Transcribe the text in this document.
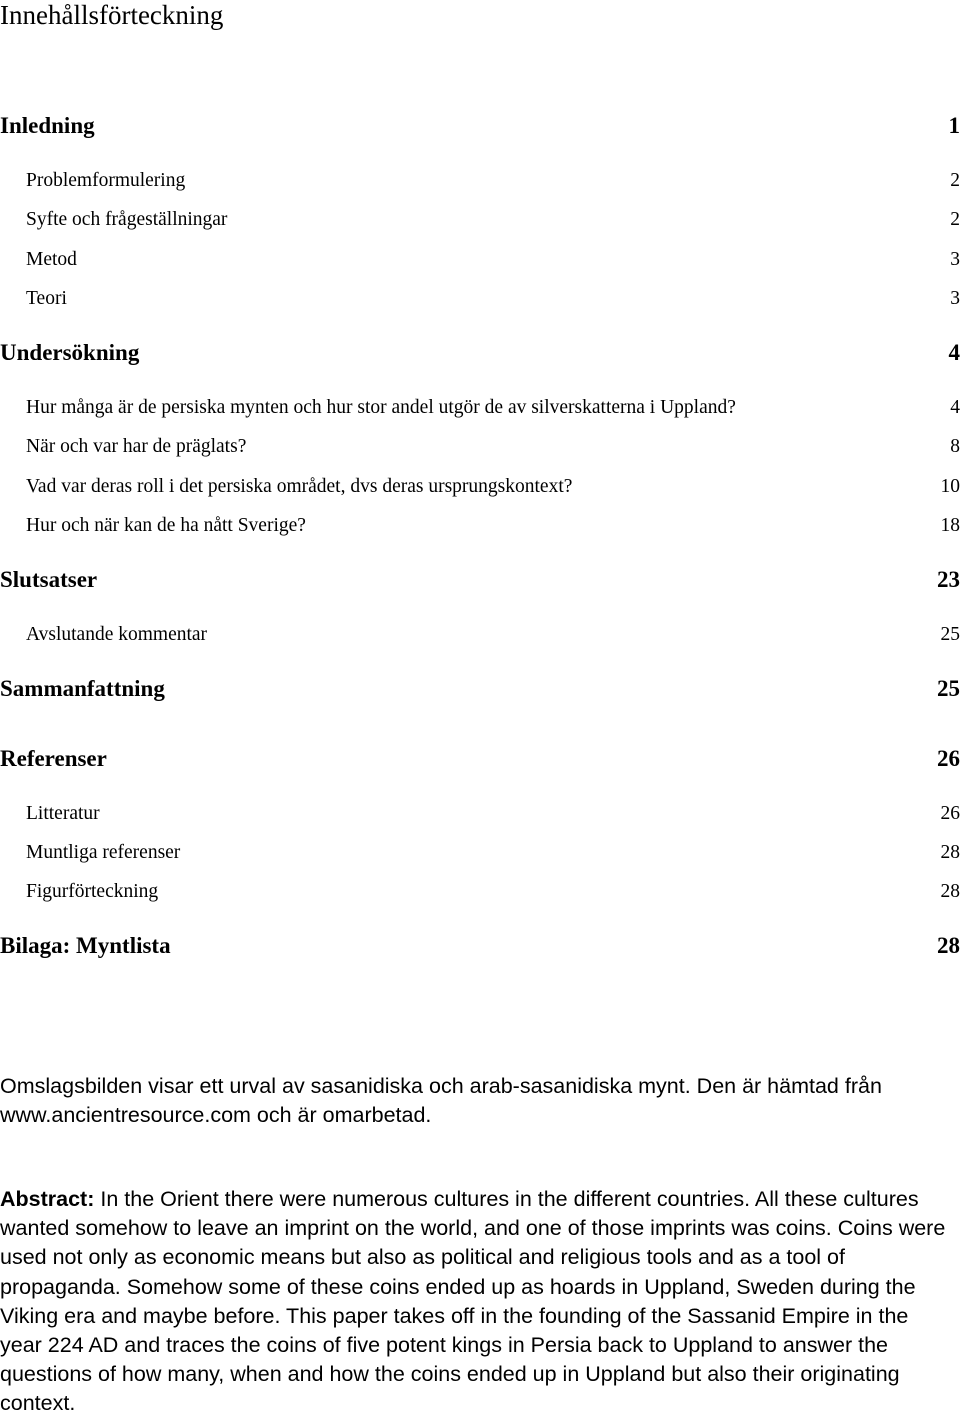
Innehållsförteckning
Inledning	1
Problemformulering	2
Syfte och frågeställningar	2
Metod	3
Teori	3
Undersökning	4
Hur många är de persiska mynten och hur stor andel utgör de av silverskatterna i Uppland?	4
När och var har de präglats?	8
Vad var deras roll i det persiska området, dvs deras ursprungskontext?	10
Hur och när kan de ha nått Sverige?	18
Slutsatser	23
Avslutande kommentar	25
Sammanfattning	25
Referenser	26
Litteratur	26
Muntliga referenser	28
Figurförteckning	28
Bilaga: Myntlista	28
Omslagsbilden visar ett urval av sasanidiska och arab-sasanidiska mynt. Den är hämtad från www.ancientresource.com och är omarbetad.
Abstract: In the Orient there were numerous cultures in the different countries. All these cultures wanted somehow to leave an imprint on the world, and one of those imprints was coins. Coins were used not only as economic means but also as political and religious tools and as a tool of propaganda. Somehow some of these coins ended up as hoards in Uppland, Sweden during the Viking era and maybe before. This paper takes off in the founding of the Sassanid Empire in the year 224 AD and traces the coins of five potent kings in Persia back to Uppland to answer the questions of how many, when and how the coins ended up in Uppland but also their originating context.
